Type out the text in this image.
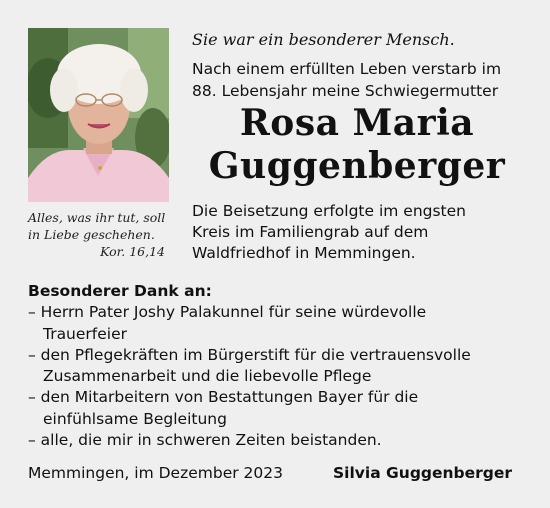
Alles, was ihr tut, soll
in Liebe geschehen.
Kor. 16,14
Sie war ein besonderer Mensch.
Nach einem erfüllten Leben verstarb im
88. Lebensjahr meine Schwiegermutter
Rosa Maria
Guggenberger
Die Beisetzung erfolgte im engsten
Kreis im Familiengrab auf dem
Waldfriedhof in Memmingen.
Besonderer Dank an:
– Herrn Pater Joshy Palakunnel für seine würdevolle
Trauerfeier
– den Pflegekräften im Bürgerstift für die vertrauensvolle
Zusammenarbeit und die liebevolle Pflege
– den Mitarbeitern von Bestattungen Bayer für die
einfühlsame Begleitung
– alle, die mir in schweren Zeiten beistanden.
Memmingen, im Dezember 2023	Silvia Guggenberger
